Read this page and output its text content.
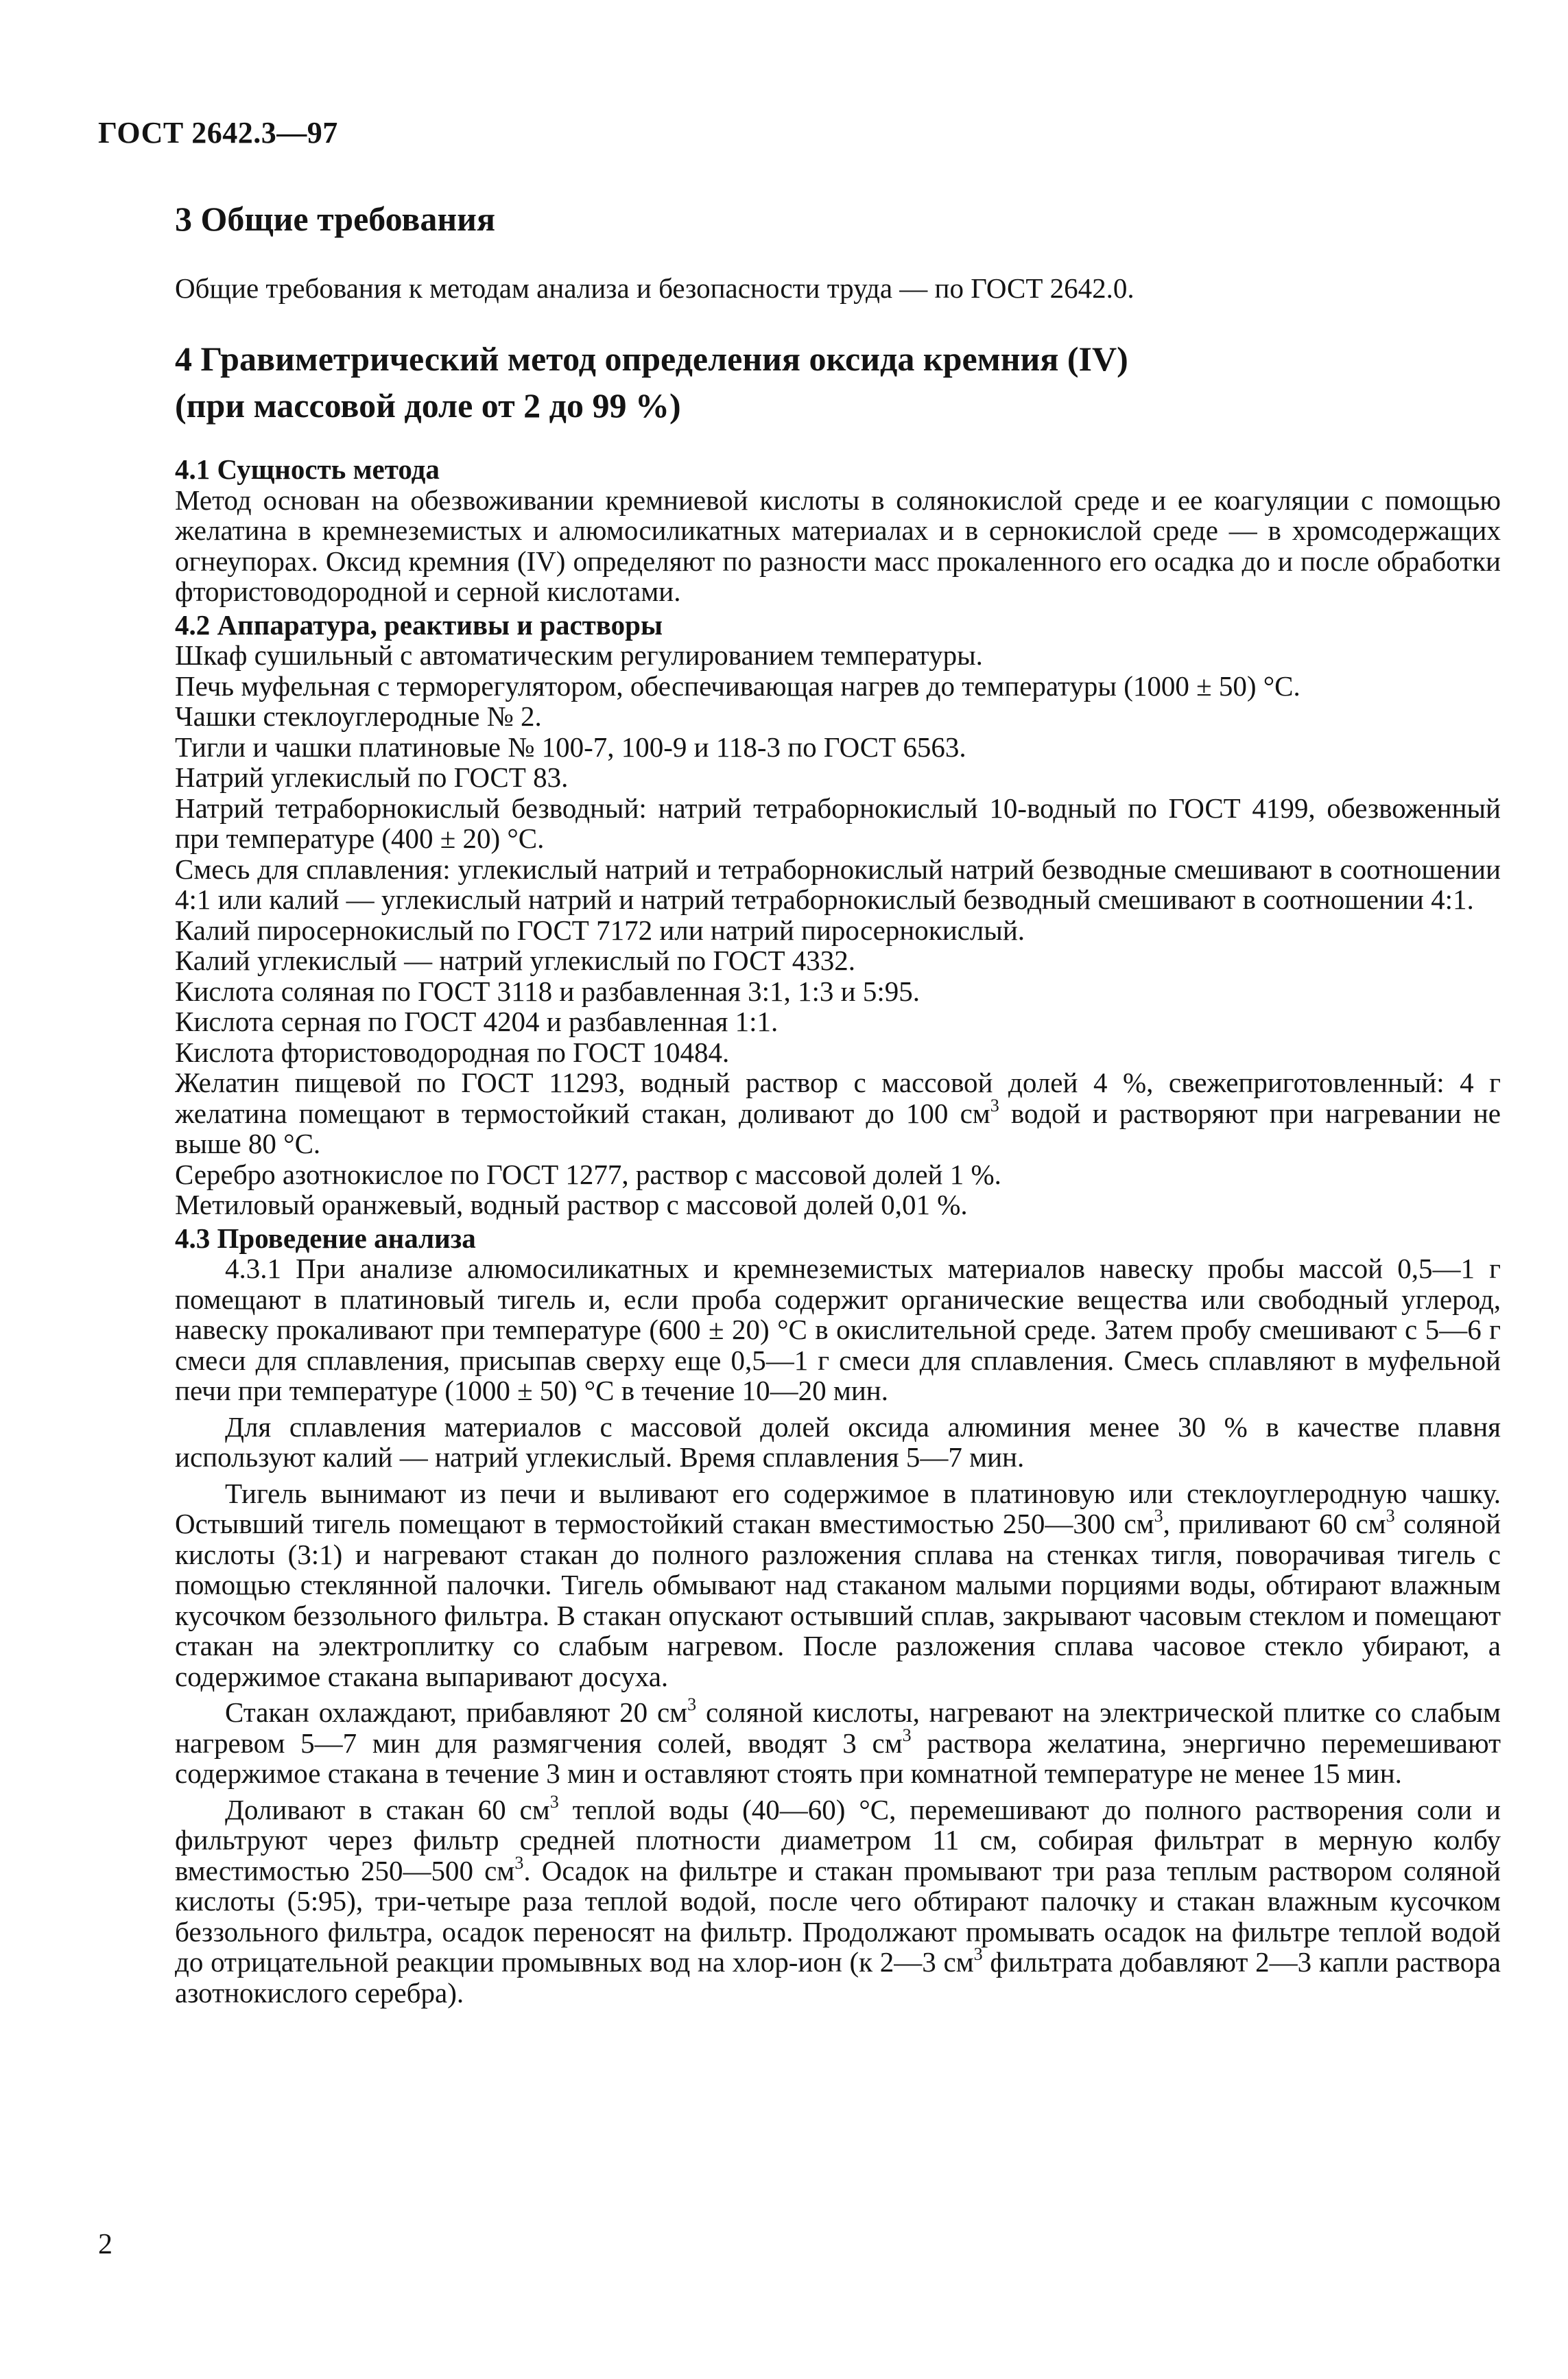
ГОСТ 2642.3—97
3 Общие требования
Общие требования к методам анализа и безопасности труда — по ГОСТ 2642.0.
4 Гравиметрический метод определения оксида кремния (IV)
(при массовой доле от 2 до 99 %)

4.1 Сущность метода

Метод основан на обезвоживании кремниевой кислоты в солянокислой среде и ее коагуляции с помощью желатина в кремнеземистых и алюмосиликатных материалах и в сернокислой среде — в хромсодержащих огнеупорах. Оксид кремния (IV) определяют по разности масс прокаленного его осадка до и после обработки фтористоводородной и серной кислотами.

4.2 Аппаратура, реактивы и растворы

Шкаф сушильный с автоматическим регулированием температуры.

Печь муфельная с терморегулятором, обеспечивающая нагрев до температуры (1000 ± 50) °С.

Чашки стеклоуглеродные № 2.

Тигли и чашки платиновые № 100-7, 100-9 и 118-3 по ГОСТ 6563.

Натрий углекислый по ГОСТ 83.

Натрий тетраборнокислый безводный: натрий тетраборнокислый 10-водный по ГОСТ 4199, обезвоженный при температуре (400 ± 20) °С.

Смесь для сплавления: углекислый натрий и тетраборнокислый натрий безводные смешивают в соотношении 4:1 или калий — углекислый натрий и натрий тетраборнокислый безводный смешивают в соотношении 4:1.

Калий пиросернокислый по ГОСТ 7172 или натрий пиросернокислый.

Калий углекислый — натрий углекислый по ГОСТ 4332.

Кислота соляная по ГОСТ 3118 и разбавленная 3:1, 1:3 и 5:95.

Кислота серная по ГОСТ 4204 и разбавленная 1:1.

Кислота фтористоводородная по ГОСТ 10484.

Желатин пищевой по ГОСТ 11293, водный раствор с массовой долей 4 %, свежеприготовленный: 4 г желатина помещают в термостойкий стакан, доливают до 100 $см^3$ водой и растворяют при нагревании не выше 80 °С.

Серебро азотнокислое по ГОСТ 1277, раствор с массовой долей 1 %.

Метиловый оранжевый, водный раствор с массовой долей 0,01 %.

4.3 Проведение анализа

4.3.1 При анализе алюмосиликатных и кремнеземистых материалов навеску пробы массой 0,5—1 г помещают в платиновый тигель и, если проба содержит органические вещества или свободный углерод, навеску прокаливают при температуре (600 ± 20) °С в окислительной среде. Затем пробу смешивают с 5—6 г смеси для сплавления, присыпав сверху еще 0,5—1 г смеси для сплавления. Смесь сплавляют в муфельной печи при температуре (1000 ± 50) °С в течение 10—20 мин.

Для сплавления материалов с массовой долей оксида алюминия менее 30 % в качестве плавня используют калий — натрий углекислый. Время сплавления 5—7 мин.

Тигель вынимают из печи и выливают его содержимое в платиновую или стеклоуглеродную чашку. Остывший тигель помещают в термостойкий стакан вместимостью 250—300 $см^3$, приливают 60 $см^3$ соляной кислоты (3:1) и нагревают стакан до полного разложения сплава на стенках тигля, поворачивая тигель с помощью стеклянной палочки. Тигель обмывают над стаканом малыми порциями воды, обтирают влажным кусочком беззольного фильтра. В стакан опускают остывший сплав, закрывают часовым стеклом и помещают стакан на электроплитку со слабым нагревом. После разложения сплава часовое стекло убирают, а содержимое стакана выпаривают досуха.

Стакан охлаждают, прибавляют 20 $см^3$ соляной кислоты, нагревают на электрической плитке со слабым нагревом 5—7 мин для размягчения солей, вводят 3 $см^3$ раствора желатина, энергично перемешивают содержимое стакана в течение 3 мин и оставляют стоять при комнатной температуре не менее 15 мин.

Доливают в стакан 60 $см^3$ теплой воды (40—60) °С, перемешивают до полного растворения соли и фильтруют через фильтр средней плотности диаметром 11 см, собирая фильтрат в мерную колбу вместимостью 250—500 $см^3$. Осадок на фильтре и стакан промывают три раза теплым раствором соляной кислоты (5:95), три-четыре раза теплой водой, после чего обтирают палочку и стакан влажным кусочком беззольного фильтра, осадок переносят на фильтр. Продолжают промывать осадок на фильтре теплой водой до отрицательной реакции промывных вод на хлор-ион (к 2—3 $см^3$ фильтрата добавляют 2—3 капли раствора азотнокислого серебра).

2
